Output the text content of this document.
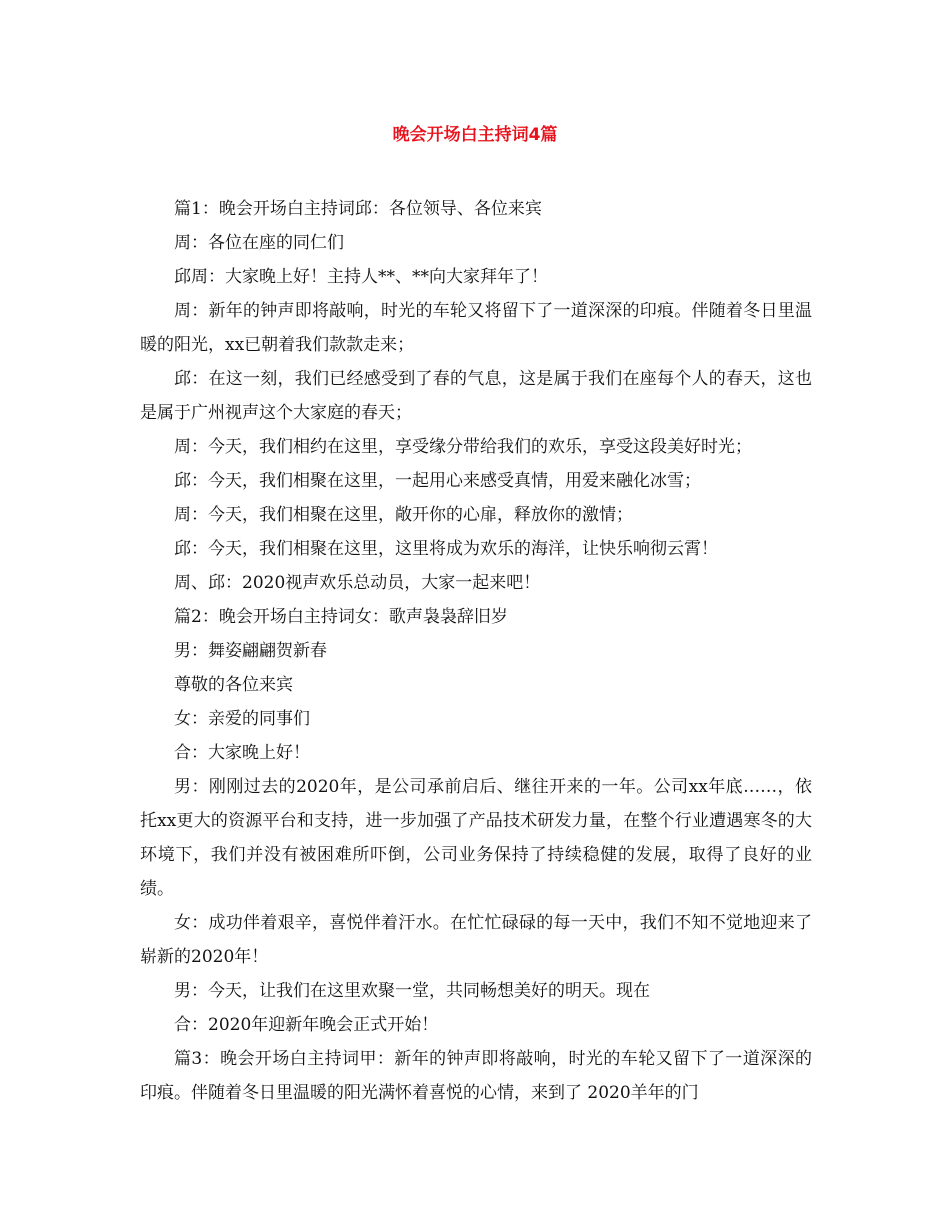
晚会开场白主持词4篇

篇1：晚会开场白主持词邱：各位领导、各位来宾

周：各位在座的同仁们

邱周：大家晚上好！主持人**、**向大家拜年了！

周：新年的钟声即将敲响，时光的车轮又将留下了一道深深的印痕。伴随着冬日里温暖的阳光，xx已朝着我们款款走来；

邱：在这一刻，我们已经感受到了春的气息，这是属于我们在座每个人的春天，这也是属于广州视声这个大家庭的春天；

周：今天，我们相约在这里，享受缘分带给我们的欢乐，享受这段美好时光；

邱：今天，我们相聚在这里，一起用心来感受真情，用爱来融化冰雪；

周：今天，我们相聚在这里，敞开你的心扉，释放你的激情；

邱：今天，我们相聚在这里，这里将成为欢乐的海洋，让快乐响彻云霄！

周、邱：2020视声欢乐总动员，大家一起来吧！

篇2：晚会开场白主持词女：歌声袅袅辞旧岁

男：舞姿翩翩贺新春

尊敬的各位来宾

女：亲爱的同事们

合：大家晚上好！

男：刚刚过去的2020年，是公司承前启后、继往开来的一年。公司xx年底……，依托xx更大的资源平台和支持，进一步加强了产品技术研发力量，在整个行业遭遇寒冬的大环境下，我们并没有被困难所吓倒，公司业务保持了持续稳健的发展，取得了良好的业绩。

女：成功伴着艰辛，喜悦伴着汗水。在忙忙碌碌的每一天中，我们不知不觉地迎来了崭新的2020年！

男：今天，让我们在这里欢聚一堂，共同畅想美好的明天。现在

合：2020年迎新年晚会正式开始！

篇3：晚会开场白主持词甲：新年的钟声即将敲响，时光的车轮又留下了一道深深的印痕。伴随着冬日里温暖的阳光满怀着喜悦的心情，来到了 2020羊年的门
